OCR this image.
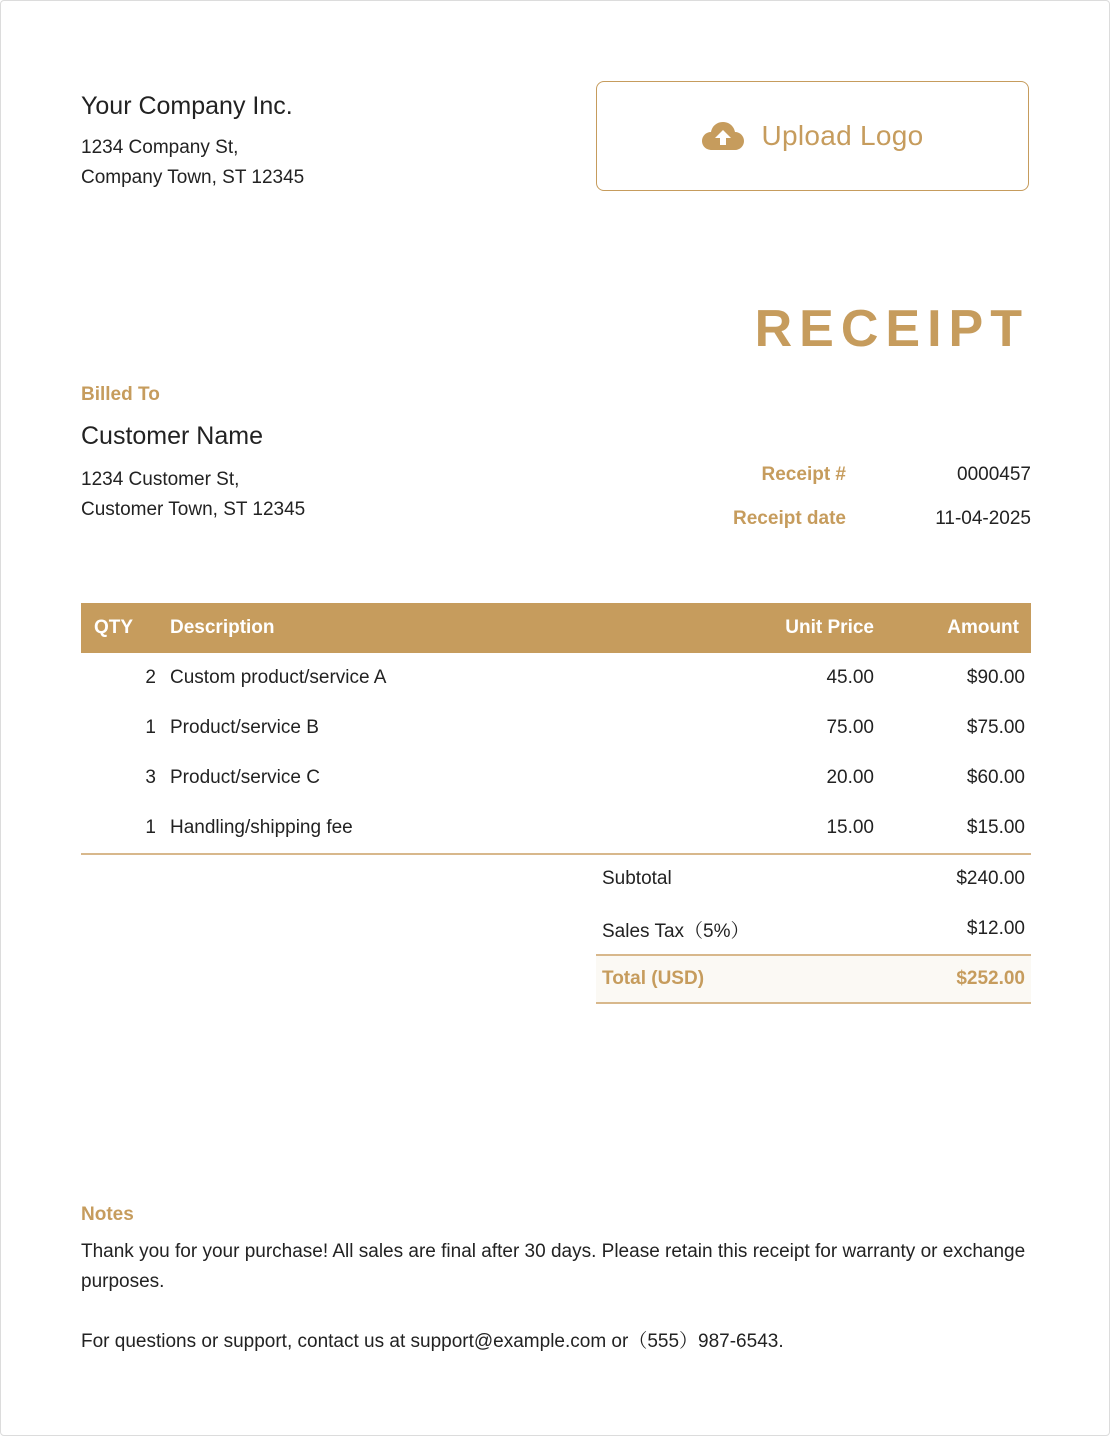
Your Company Inc.
1234 Company St,
Company Town, ST 12345
Upload Logo
RECEIPT
Billed To
Customer Name
1234 Customer St,
Customer Town, ST 12345
Receipt #	0000457
Receipt date	11-04-2025
QTY	Description	Unit Price	Amount
2	Custom product/service A	45.00	$90.00
1	Product/service B	75.00	$75.00
3	Product/service C	20.00	$60.00
1	Handling/shipping fee	15.00	$15.00
Subtotal	$240.00
Sales Tax（5%）	$12.00
Total (USD)	$252.00
Notes
Thank you for your purchase! All sales are final after 30 days. Please retain this receipt for warranty or exchange purposes.
For questions or support, contact us at support@example.com or（555）987-6543.
